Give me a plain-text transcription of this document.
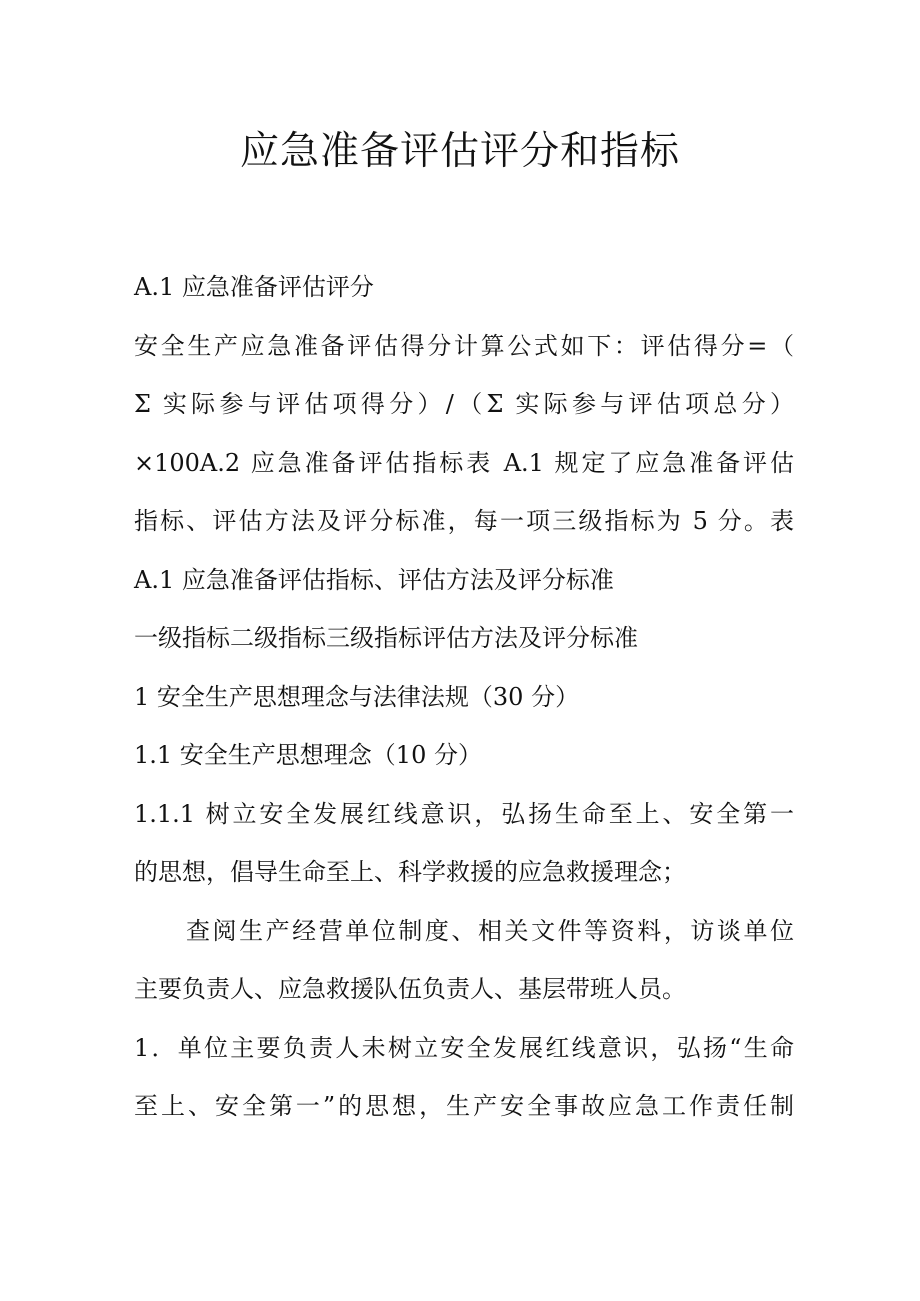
应急准备评估评分和指标
A.1 应急准备评估评分
安全生产应急准备评估得分计算公式如下：评估得分=（
Σ 实际参与评估项得分）/（Σ 实际参与评估项总分）
×100A.2 应急准备评估指标表 A.1 规定了应急准备评估
指标、评估方法及评分标准，每一项三级指标为 5 分。表
A.1 应急准备评估指标、评估方法及评分标准
一级指标二级指标三级指标评估方法及评分标准
1 安全生产思想理念与法律法规（30 分）
1.1 安全生产思想理念（10 分）
1.1.1 树立安全发展红线意识，弘扬生命至上、安全第一
的思想，倡导生命至上、科学救援的应急救援理念；
查阅生产经营单位制度、相关文件等资料，访谈单位
主要负责人、应急救援队伍负责人、基层带班人员。
1．单位主要负责人未树立安全发展红线意识，弘扬“生命
至上、安全第一”的思想，生产安全事故应急工作责任制
